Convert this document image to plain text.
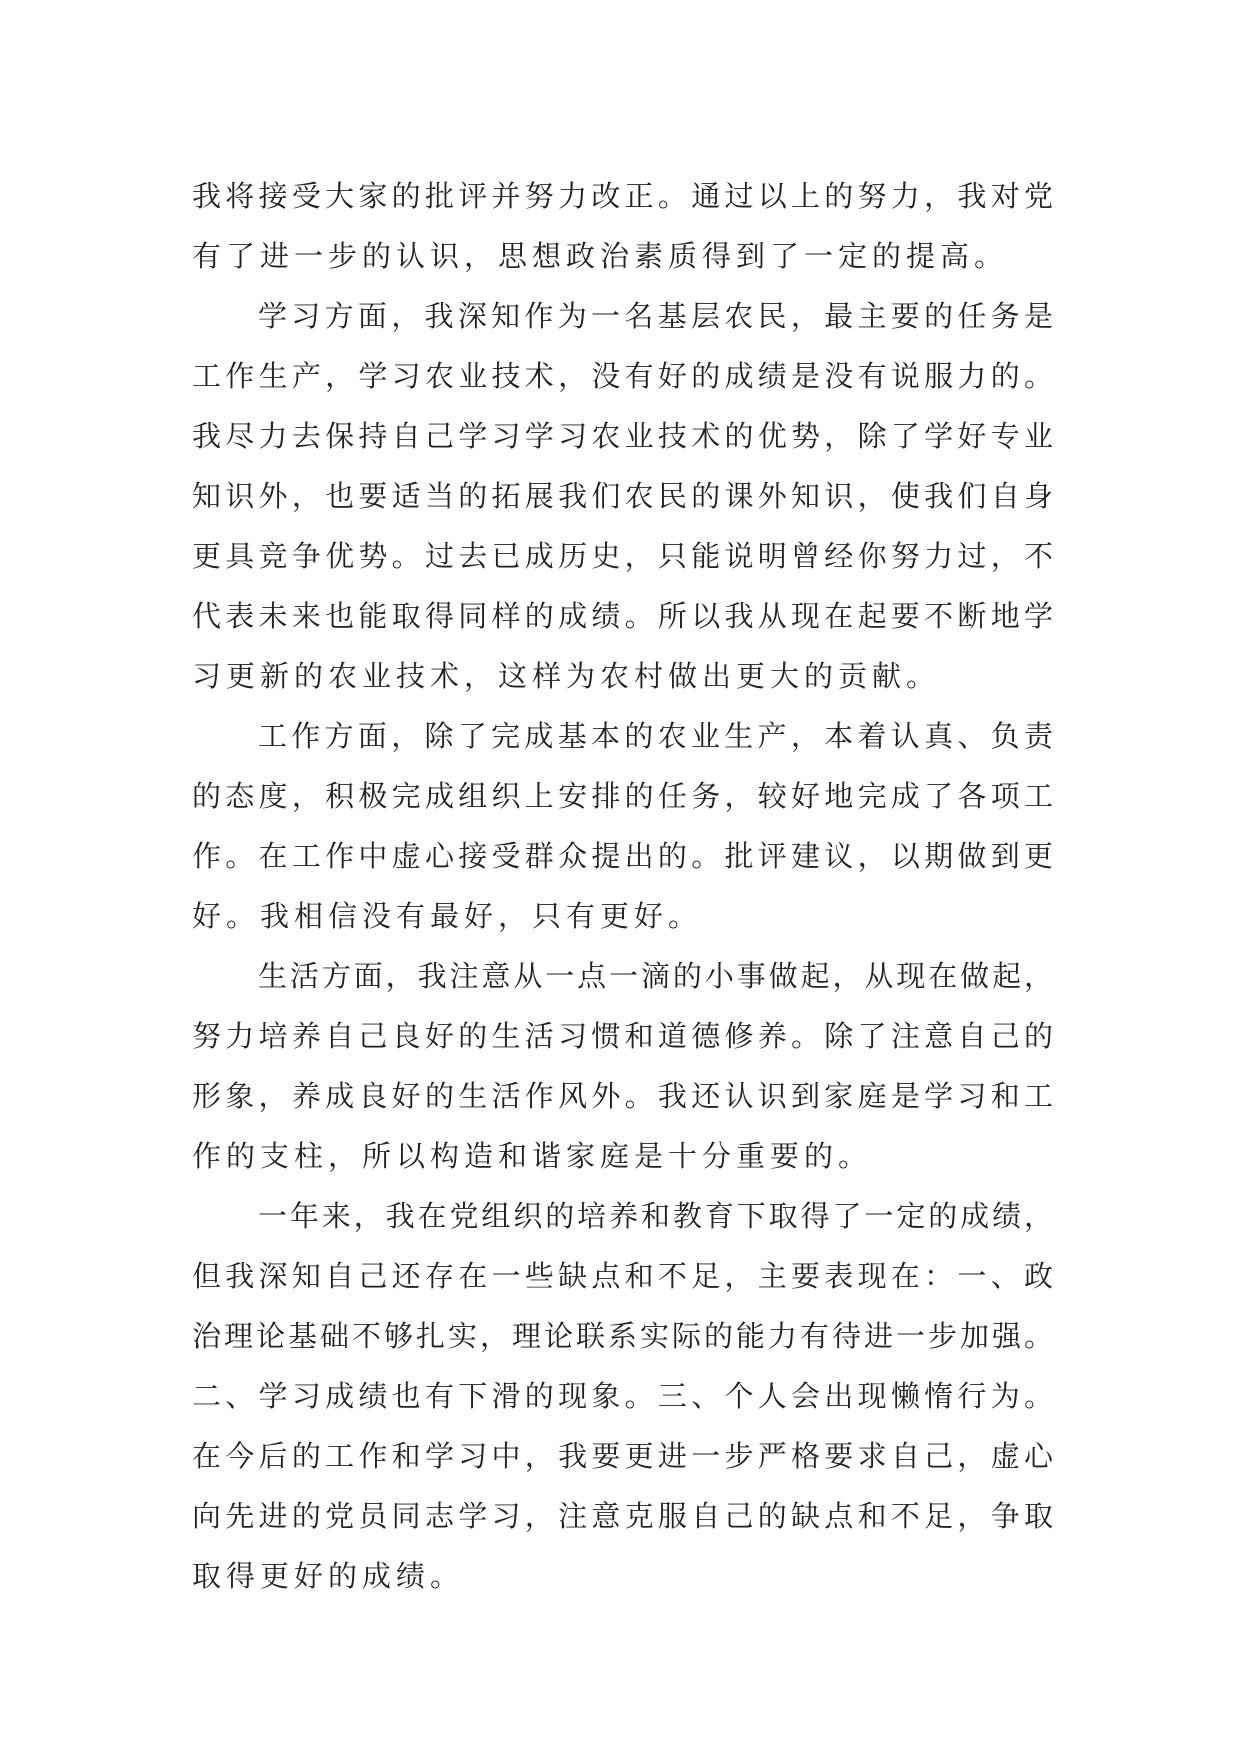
我将接受大家的批评并努力改正。通过以上的努力，我对党
有了进一步的认识，思想政治素质得到了一定的提高。
学习方面，我深知作为一名基层农民，最主要的任务是
工作生产，学习农业技术，没有好的成绩是没有说服力的。
我尽力去保持自己学习学习农业技术的优势，除了学好专业
知识外，也要适当的拓展我们农民的课外知识，使我们自身
更具竞争优势。过去已成历史，只能说明曾经你努力过，不
代表未来也能取得同样的成绩。所以我从现在起要不断地学
习更新的农业技术，这样为农村做出更大的贡献。
工作方面，除了完成基本的农业生产，本着认真、负责
的态度，积极完成组织上安排的任务，较好地完成了各项工
作。在工作中虚心接受群众提出的。批评建议，以期做到更
好。我相信没有最好，只有更好。
生活方面，我注意从一点一滴的小事做起，从现在做起，
努力培养自己良好的生活习惯和道德修养。除了注意自己的
形象，养成良好的生活作风外。我还认识到家庭是学习和工
作的支柱，所以构造和谐家庭是十分重要的。
一年来，我在党组织的培养和教育下取得了一定的成绩，
但我深知自己还存在一些缺点和不足，主要表现在：一、政
治理论基础不够扎实，理论联系实际的能力有待进一步加强。
二、学习成绩也有下滑的现象。三、个人会出现懒惰行为。
在今后的工作和学习中，我要更进一步严格要求自己，虚心
向先进的党员同志学习，注意克服自己的缺点和不足，争取
取得更好的成绩。
